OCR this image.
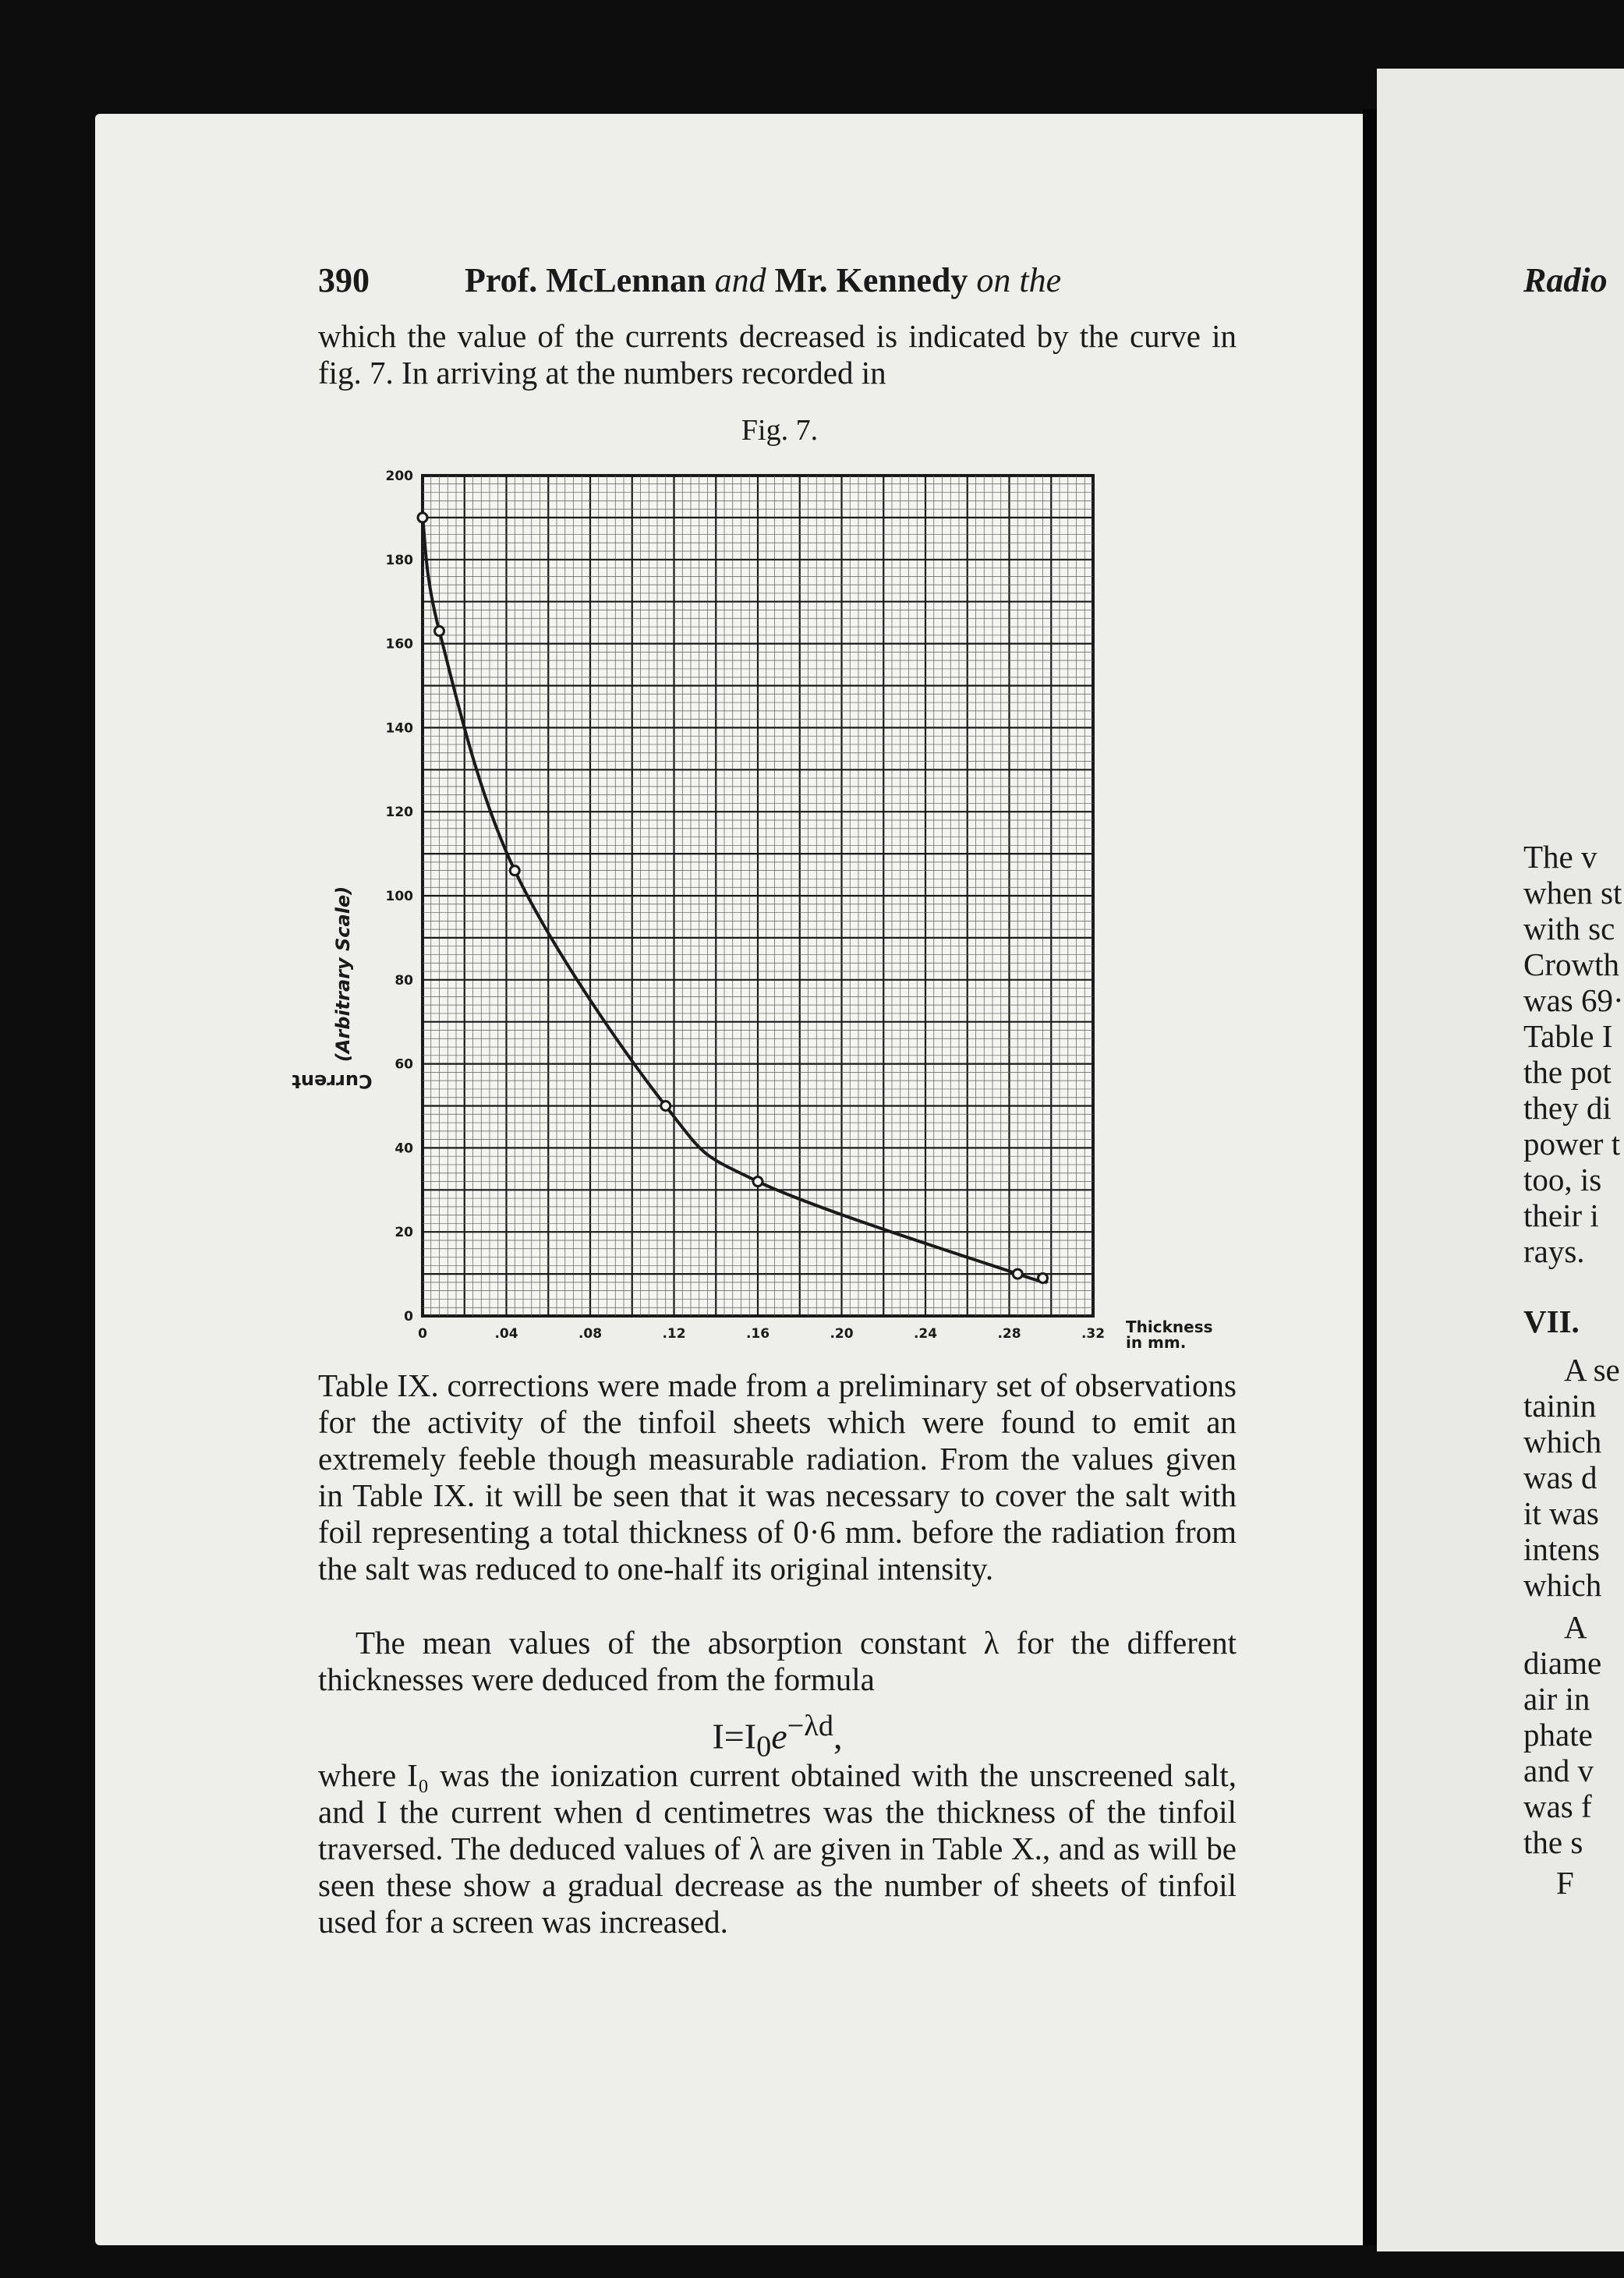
390	Prof. McLennan and Mr. Kennedy on the

which the value of the currents decreased is indicated by the curve in fig. 7. In arriving at the numbers recorded in

Fig. 7.
Current
(Arbitrary Scale)
0	.04	.08	.12	.16	.20	.24	.28	.32
0
20
40
60
80
100
120
140
160
180
200
Thickness
in mm.

Table IX. corrections were made from a preliminary set of observations for the activity of the tinfoil sheets which were found to emit an extremely feeble though measurable radiation. From the values given in Table IX. it will be seen that it was necessary to cover the salt with foil representing a total thickness of 0·6 mm. before the radiation from the salt was reduced to one-half its original intensity.

The mean values of the absorption constant λ for the different thicknesses were deduced from the formula

$I=I_0e^{-\lambda d}$,

where I₀ was the ionization current obtained with the unscreened salt, and I the current when d centimetres was the thickness of the tinfoil traversed. The deduced values of λ are given in Table X., and as will be seen these show a gradual decrease as the number of sheets of tinfoil used for a screen was increased.

Radio
The v
when st
with sc
Crowth
was 69·
Table I
the pot
they di
power t
too, is
their i
rays.
VII.
A se
tainin
which
was d
it was
intens
which
A
diame
air in
phate
and v
was f
the s
F
